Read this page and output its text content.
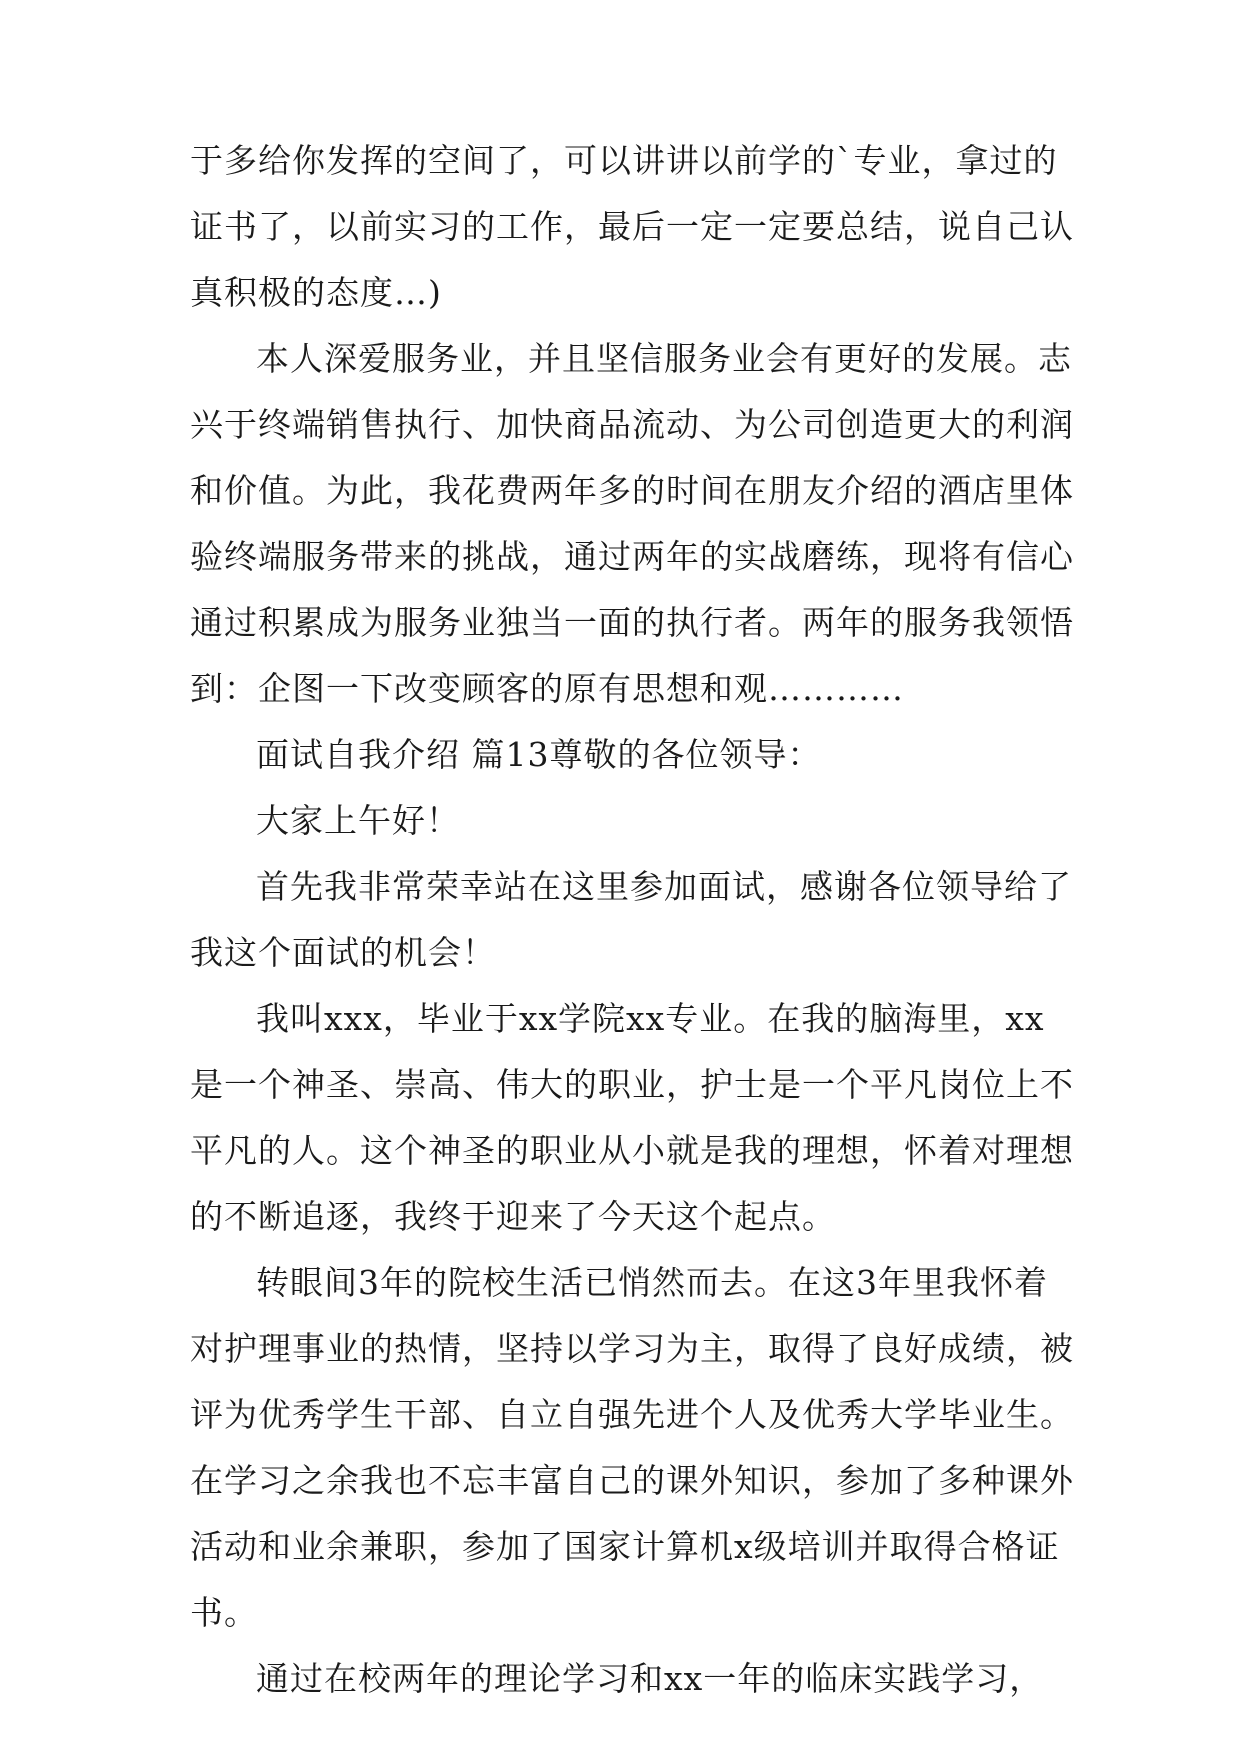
于多给你发挥的空间了，可以讲讲以前学的`专业，拿过的
证书了，以前实习的工作，最后一定一定要总结，说自己认
真积极的态度…)
本人深爱服务业，并且坚信服务业会有更好的发展。志
兴于终端销售执行、加快商品流动、为公司创造更大的利润
和价值。为此，我花费两年多的时间在朋友介绍的酒店里体
验终端服务带来的挑战，通过两年的实战磨练，现将有信心
通过积累成为服务业独当一面的执行者。两年的服务我领悟
到：企图一下改变顾客的原有思想和观…………
面试自我介绍 篇13尊敬的各位领导：
大家上午好！
首先我非常荣幸站在这里参加面试，感谢各位领导给了
我这个面试的机会！
我叫xxx，毕业于xx学院xx专业。在我的脑海里，xx
是一个神圣、崇高、伟大的职业，护士是一个平凡岗位上不
平凡的人。这个神圣的职业从小就是我的理想，怀着对理想
的不断追逐，我终于迎来了今天这个起点。
转眼间3年的院校生活已悄然而去。在这3年里我怀着
对护理事业的热情，坚持以学习为主，取得了良好成绩，被
评为优秀学生干部、自立自强先进个人及优秀大学毕业生。
在学习之余我也不忘丰富自己的课外知识，参加了多种课外
活动和业余兼职，参加了国家计算机x级培训并取得合格证
书。
通过在校两年的理论学习和xx一年的临床实践学习，
